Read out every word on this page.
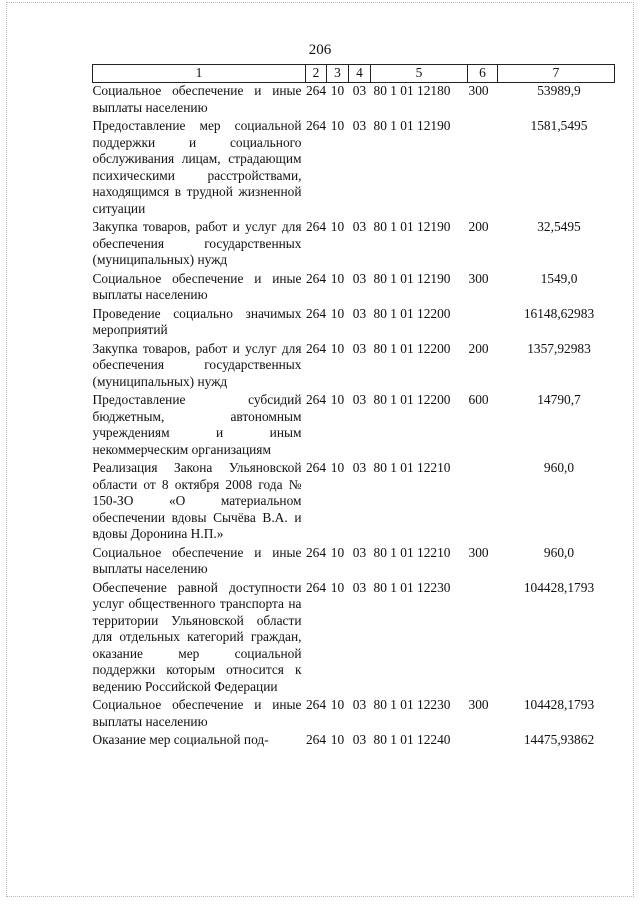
206
1	2	3	4	5	6	7
Социальное обеспечение и иные выплаты населению	264	10	03	80 1 01 12180	300	53989,9
Предоставление мер социальной поддержки и социального обслуживания лицам, страдающим психическими расстройствами, находящимся в трудной жизненной ситуации	264	10	03	80 1 01 12190		1581,5495
Закупка товаров, работ и услуг для обеспечения государственных (муниципальных) нужд	264	10	03	80 1 01 12190	200	32,5495
Социальное обеспечение и иные выплаты населению	264	10	03	80 1 01 12190	300	1549,0
Проведение социально значимых мероприятий	264	10	03	80 1 01 12200		16148,62983
Закупка товаров, работ и услуг для обеспечения государственных (муниципальных) нужд	264	10	03	80 1 01 12200	200	1357,92983
Предоставление субсидий бюджетным, автономным учреждениям и иным некоммерческим организациям	264	10	03	80 1 01 12200	600	14790,7
Реализация Закона Ульяновской области от 8 октября 2008 года № 150-ЗО «О материальном обеспечении вдовы Сычёва В.А. и вдовы Доронина Н.П.»	264	10	03	80 1 01 12210		960,0
Социальное обеспечение и иные выплаты населению	264	10	03	80 1 01 12210	300	960,0
Обеспечение равной доступности услуг общественного транспорта на территории Ульяновской области для отдельных категорий граждан, оказание мер социальной поддержки которым относится к ведению Российской Федерации	264	10	03	80 1 01 12230		104428,1793
Социальное обеспечение и иные выплаты населению	264	10	03	80 1 01 12230	300	104428,1793
Оказание мер социальной под-	264	10	03	80 1 01 12240		14475,93862
